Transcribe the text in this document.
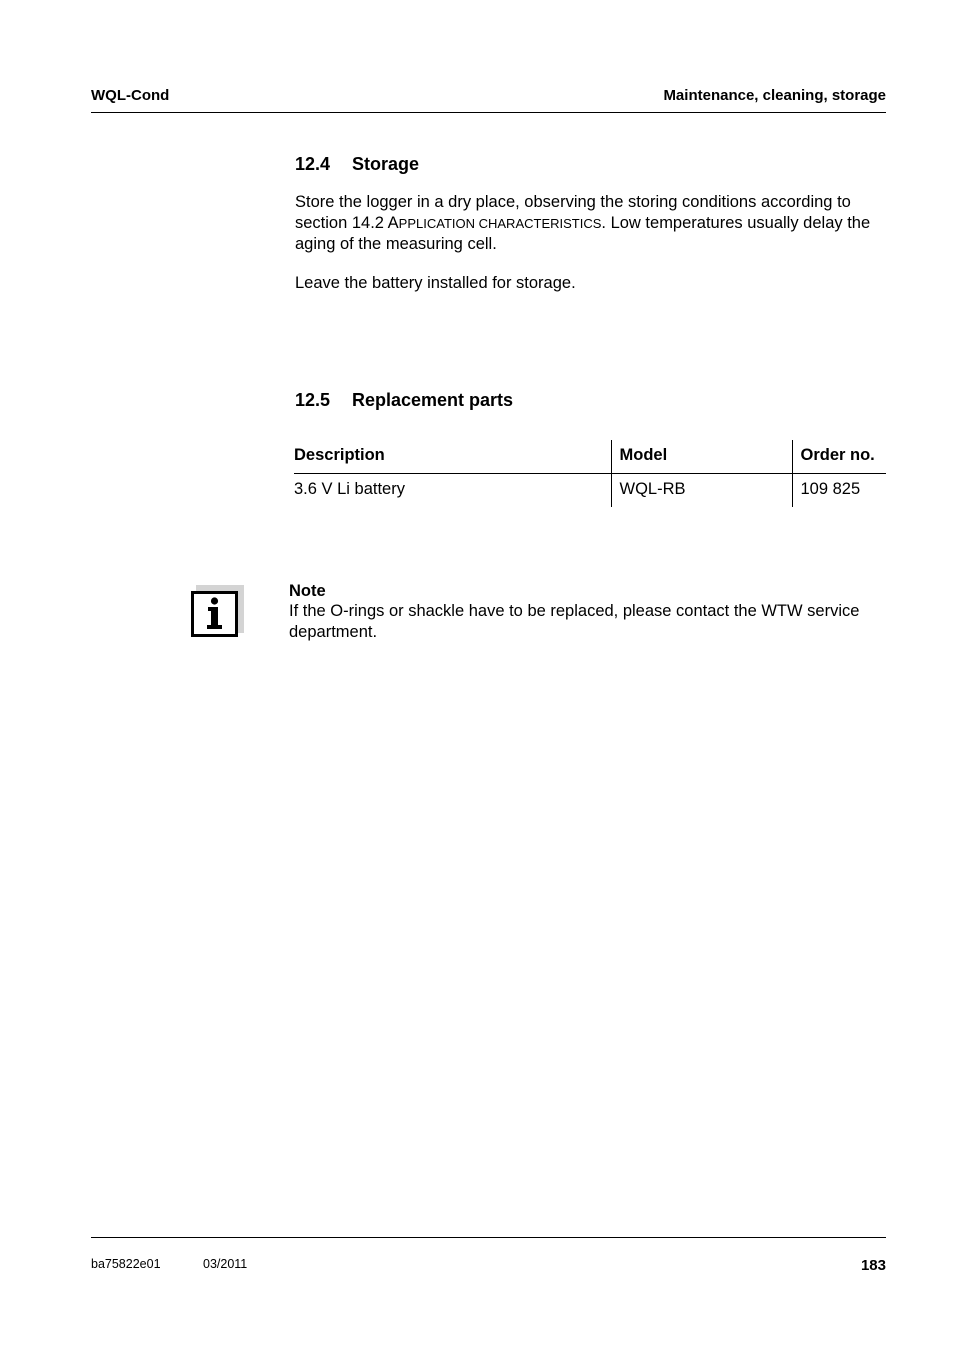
WQL-Cond	Maintenance, cleaning, storage
12.4 Storage
Store the logger in a dry place, observing the storing conditions according to section 14.2 APPLICATION CHARACTERISTICS. Low temperatures usually delay the aging of the measuring cell.
Leave the battery installed for storage.
12.5 Replacement parts
Description	Model	Order no.
3.6 V Li battery	WQL-RB	109 825
Note
If the O-rings or shackle have to be replaced, please contact the WTW service department.
ba75822e01	03/2011	183
